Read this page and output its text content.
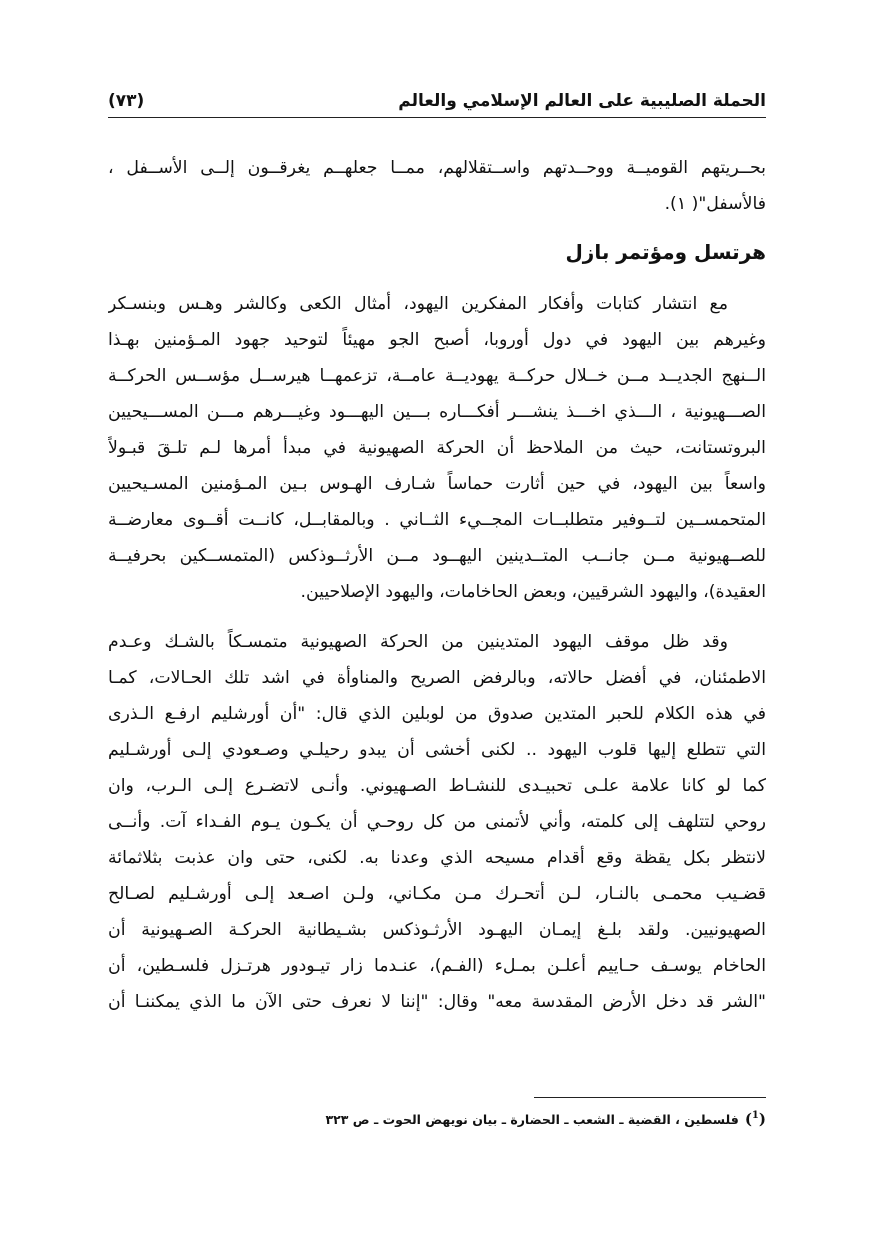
الحملة الصليبية على العالم الإسلامي والعالم
(٧٣)
بحــريتهم القوميــة ووحــدتهم واســتقلالهم، ممــا جعلهــم يغرقــون إلــى الأســفل ،
فالأسفل"( ١).
هرتسل ومؤتمر بازل
مع انتشار كتابات وأفكار المفكرين اليهود، أمثال الكعى وكالشر وهـس وبنسـكر
وغيرهم بين اليهود في دول أوروبا، أصبح الجو مهيئاً لتوحيد جهود المـؤمنين بهـذا
الــنهج الجديــد مــن خــلال حركــة يهوديــة عامــة، تزعمهــا هيرســل مؤســس الحركــة
الصـــهيونية ، الـــذي اخـــذ ينشـــر أفكـــاره بـــين اليهـــود وغيـــرهم مـــن المســـيحيين
البروتستانت، حيث من الملاحظ أن الحركة الصهيونية في مبدأ أمرها لـم تلـقَ قبـولاً
واسعاً بين اليهود، في حين أثارت حماساً شـارف الهـوس بـين المـؤمنين المسـيحيين
المتحمســين لتــوفير متطلبــات المجــيء الثــاني . وبالمقابــل، كانــت أقــوى معارضــة
للصــهيونية مــن جانــب المتــدينين اليهــود مــن الأرثــوذكس (المتمســكين بحرفيــة
العقيدة)، واليهود الشرقيين، وبعض الحاخامات، واليهود الإصلاحيين.
وقد ظل موقف اليهود المتدينين من الحركة الصهيونية متمسـكاً بالشـك وعـدم
الاطمئنان، في أفضل حالاته، وبالرفض الصريح والمناوأة في اشد تلك الحـالات، كمـا
في هذه الكلام للحبر المتدين صدوق من لوبلين الذي قال: "أن أورشليم ارفـع الـذرى
التي تتطلع إليها قلوب اليهود .. لكنى أخشى أن يبدو رحيلـي وصـعودي إلـى أورشـليم
كما لو كانا علامة علـى تحبيـدى للنشـاط الصـهيوني. وأنـى لاتضـرع إلـى الـرب، وان
روحي لتتلهف إلى كلمته، وأني لأتمنى من كل روحـي أن يكـون يـوم الفـداء آت. وأنــى
لانتظر بكل يقظة وقع أقدام مسيحه الذي وعدنا به. لكنى، حتى وان عذبت بثلاثمائة
قضـيب محمـى بالنـار، لـن أتحـرك مـن مكـاني، ولـن اصـعد إلـى أورشـليم لصـالح
الصهيونيين. ولقد بلـغ إيمـان اليهـود الأرثـوذكس بشـيطانية الحركـة الصـهيونية أن
الحاخام يوسـف حـاييم أعلـن بمـلء (الفـم)، عنـدما زار تيـودور هرتـزل فلسـطين، أن
"الشر قد دخل الأرض المقدسة معه" وقال: "إننا لا نعرف حتى الآن ما الذي يمكننـا أن
($^1$)فلسطين ، القضية ـ الشعب ـ الحضارة ـ بيان نويهض الحوت ـ ص ٣٢٣
